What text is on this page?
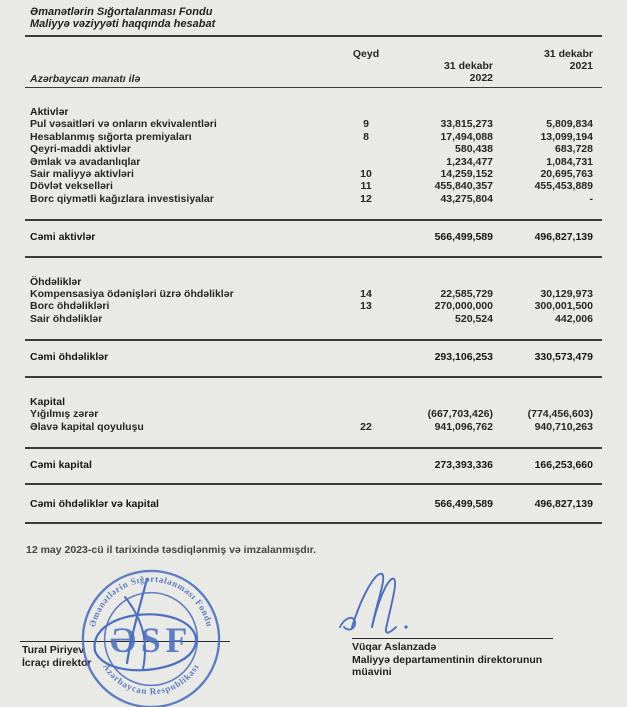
Əmanətlərin Sığortalanması Fondu
Maliyyə vəziyyəti haqqında hesabat
Qeyd
31 dekabr
2022
31 dekabr
2021
Azərbaycan manatı ilə
Aktivlər
Pul vəsaitləri və onların ekvivalentləri	9	33,815,273	5,809,834
Hesablanmış sığorta premiyaları	8	17,494,088	13,099,194
Qeyri-maddi aktivlər	580,438	683,728
Əmlak və avadanlıqlar	1,234,477	1,084,731
Sair maliyyə aktivləri	10	14,259,152	20,695,763
Dövlət vekselləri	11	455,840,357	455,453,889
Borc qiymətli kağızlara investisiyalar	12	43,275,804	-
Cəmi aktivlər	566,499,589	496,827,139
Öhdəliklər
Kompensasiya ödənişləri üzrə öhdəliklər	14	22,585,729	30,129,973
Borc öhdəlikləri	13	270,000,000	300,001,500
Sair öhdəliklər	520,524	442,006
Cəmi öhdəliklər	293,106,253	330,573,479
Kapital
Yığılmış zərər	(667,703,426)	(774,456,603)
Əlavə kapital qoyuluşu	22	941,096,762	940,710,263
Cəmi kapital	273,393,336	166,253,660
Cəmi öhdəliklər və kapital	566,499,589	496,827,139
12 may 2023-cü il tarixində təsdiqlənmiş və imzalanmışdır.
Tural Piriyev
İcraçı direktor
Əmanətlərin Sığortalanması Fondu
Azərbaycan Respublikası
ƏSF	Vüqar Aslanzadə
Maliyyə departamentinin direktorunun
müavini
